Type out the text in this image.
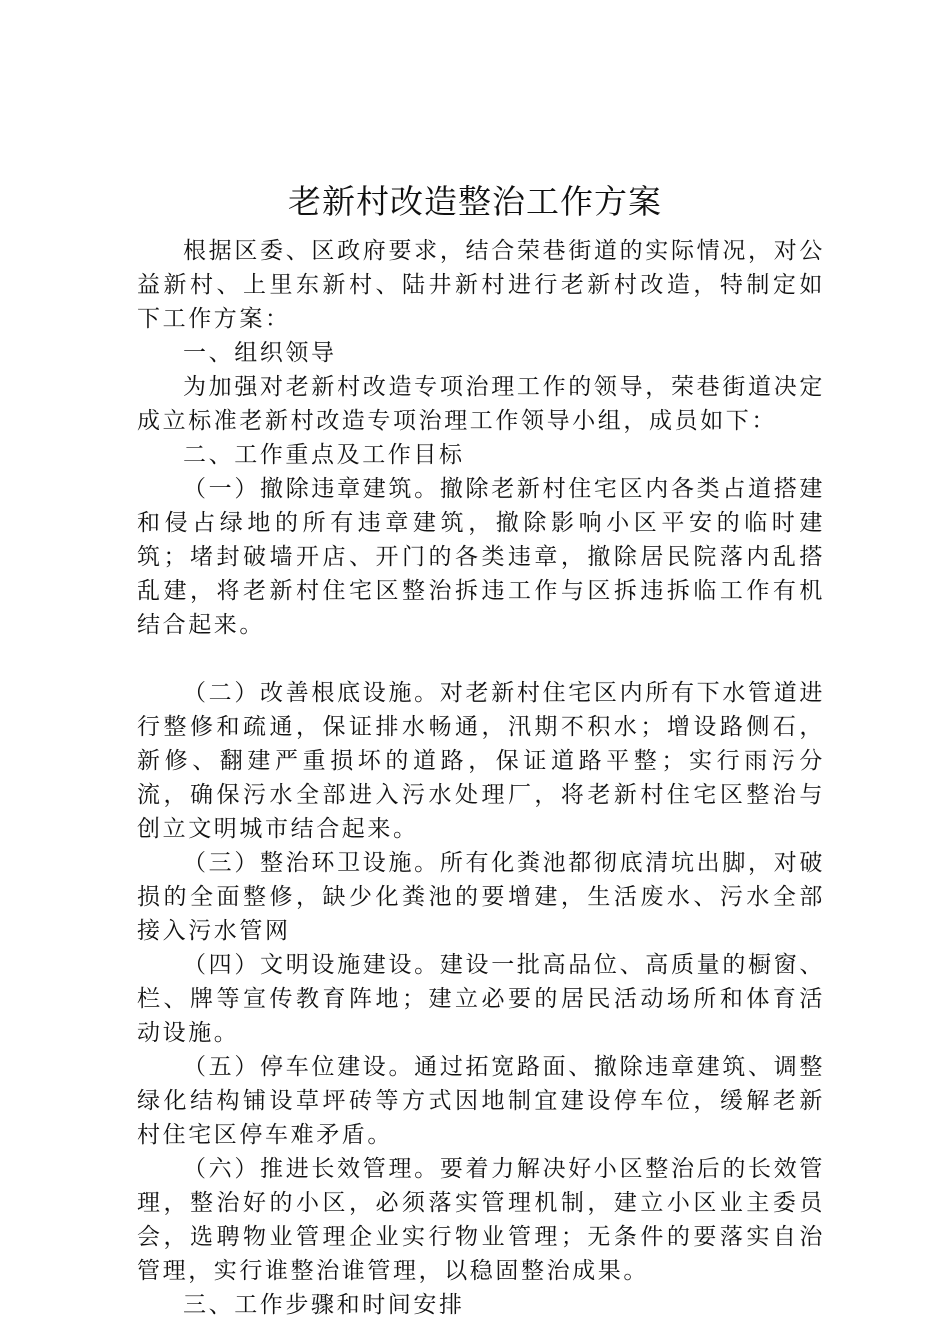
老新村改造整治工作方案

根据区委、区政府要求，结合荣巷街道的实际情况，对公益新村、上里东新村、陆井新村进行老新村改造，特制定如下工作方案：

一、组织领导

为加强对老新村改造专项治理工作的领导，荣巷街道决定成立标准老新村改造专项治理工作领导小组，成员如下：

二、工作重点及工作目标

（一）撤除违章建筑。撤除老新村住宅区内各类占道搭建和侵占绿地的所有违章建筑，撤除影响小区平安的临时建筑；堵封破墙开店、开门的各类违章，撤除居民院落内乱搭乱建，将老新村住宅区整治拆违工作与区拆违拆临工作有机结合起来。

（二）改善根底设施。对老新村住宅区内所有下水管道进行整修和疏通，保证排水畅通，汛期不积水；增设路侧石，新修、翻建严重损坏的道路，保证道路平整；实行雨污分流，确保污水全部进入污水处理厂，将老新村住宅区整治与创立文明城市结合起来。

（三）整治环卫设施。所有化粪池都彻底清坑出脚，对破损的全面整修，缺少化粪池的要增建，生活废水、污水全部接入污水管网

（四）文明设施建设。建设一批高品位、高质量的橱窗、栏、牌等宣传教育阵地；建立必要的居民活动场所和体育活动设施。

（五）停车位建设。通过拓宽路面、撤除违章建筑、调整绿化结构铺设草坪砖等方式因地制宜建设停车位，缓解老新村住宅区停车难矛盾。

（六）推进长效管理。要着力解决好小区整治后的长效管理，整治好的小区，必须落实管理机制，建立小区业主委员会，选聘物业管理企业实行物业管理；无条件的要落实自治管理，实行谁整治谁管理，以稳固整治成果。

三、工作步骤和时间安排
